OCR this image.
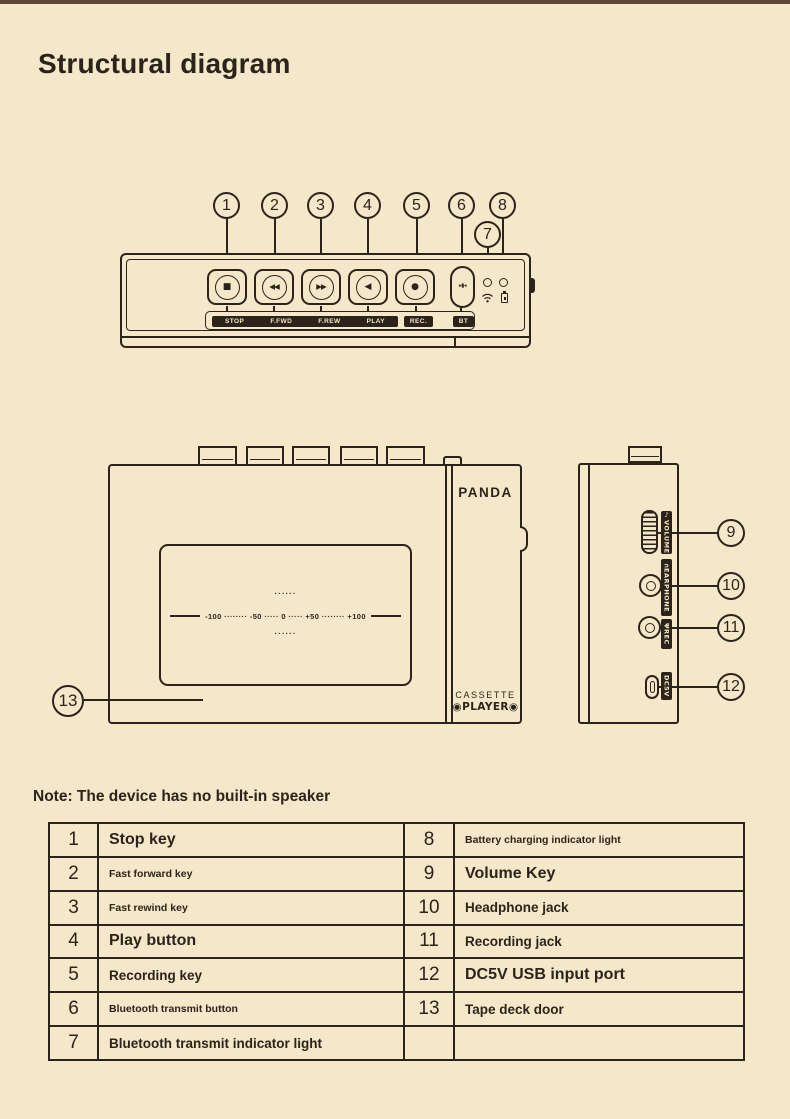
Structural diagram
1	2	3	4	5	6	8
7
■	◀◀	▶▶	◀	●	▸▮◂
STOP	F.FWD	F.REW	PLAY	REC.	BT
PANDA
······
-100 ········ -50 ····· 0 ····· +50 ········ +100
······
CASSETTE
◉PLAYER◉
13
♪
VOLUME
∩
EARPHONE
Ψ
REC
DC5V
9
10
11
12
Note: The device has no built-in speaker
1	Stop key	8	Battery charging indicator light
2	Fast forward key	9	Volume Key
3	Fast rewind key	10	Headphone jack
4	Play button	11	Recording jack
5	Recording key	12	DC5V USB input port
6	Bluetooth transmit button	13	Tape deck door
7	Bluetooth transmit indicator light
